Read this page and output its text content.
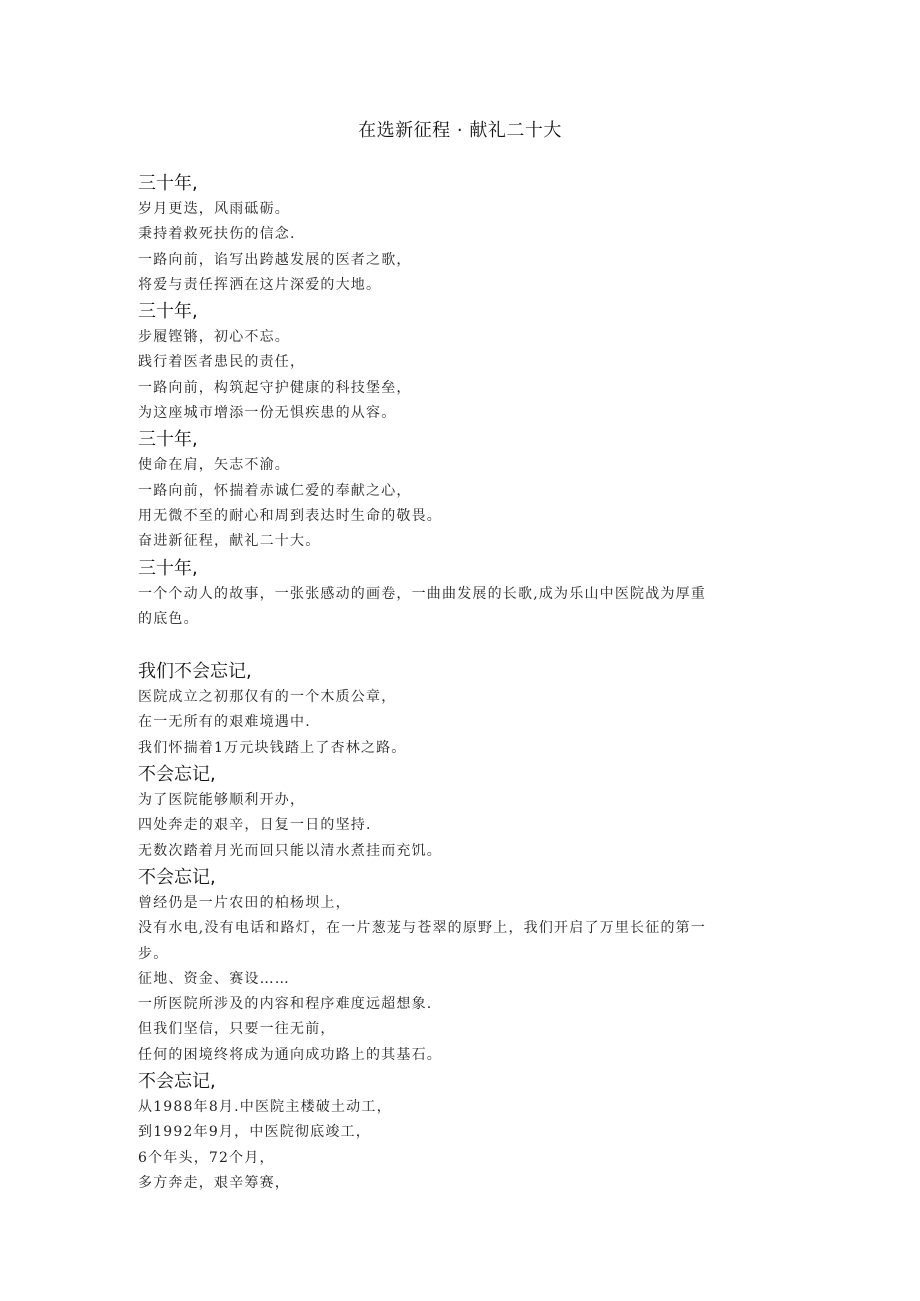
在选新征程 · 献礼二十大

三十年,

岁月更迭，风雨砥砺。

秉持着救死扶伤的信念.

一路向前，谄写出跨越发展的医者之歌，

将爱与责任挥洒在这片深爱的大地。

三十年,

步履铿锵，初心不忘。

践行着医者患民的责任，

一路向前，构筑起守护健康的科技堡垒，

为这座城市增添一份无惧疾患的从容。

三十年,

使命在肩，矢志不渝。

一路向前，怀揣着赤诚仁爱的奉献之心，

用无微不至的耐心和周到表达时生命的敬畏。

奋进新征程，献礼二十大。

三十年,

一个个动人的故事，一张张感动的画卷，一曲曲发展的长歌,成为乐山中医院战为厚重

的底色。

我们不会忘记,

医院成立之初那仅有的一个木质公章，

在一无所有的艰难境遇中.

我们怀揣着1万元块钱踏上了杏林之路。

不会忘记,

为了医院能够顺利开办，

四处奔走的艰辛，日复一日的坚持.

无数次踏着月光而回只能以清水煮挂而充饥。

不会忘记,

曾经仍是一片农田的柏杨坝上，

没有水电,没有电话和路灯，在一片葱茏与苍翠的原野上，我们开启了万里长征的第一

步。

征地、资金、赛设……

一所医院所涉及的内容和程序难度远超想象.

但我们坚信，只要一往无前，

任何的困境终将成为通向成功路上的其基石。

不会忘记,

从1988年8月.中医院主楼破土动工，

到1992年9月，中医院彻底竣工，

6个年头，72个月，

多方奔走，艰辛筹赛，
